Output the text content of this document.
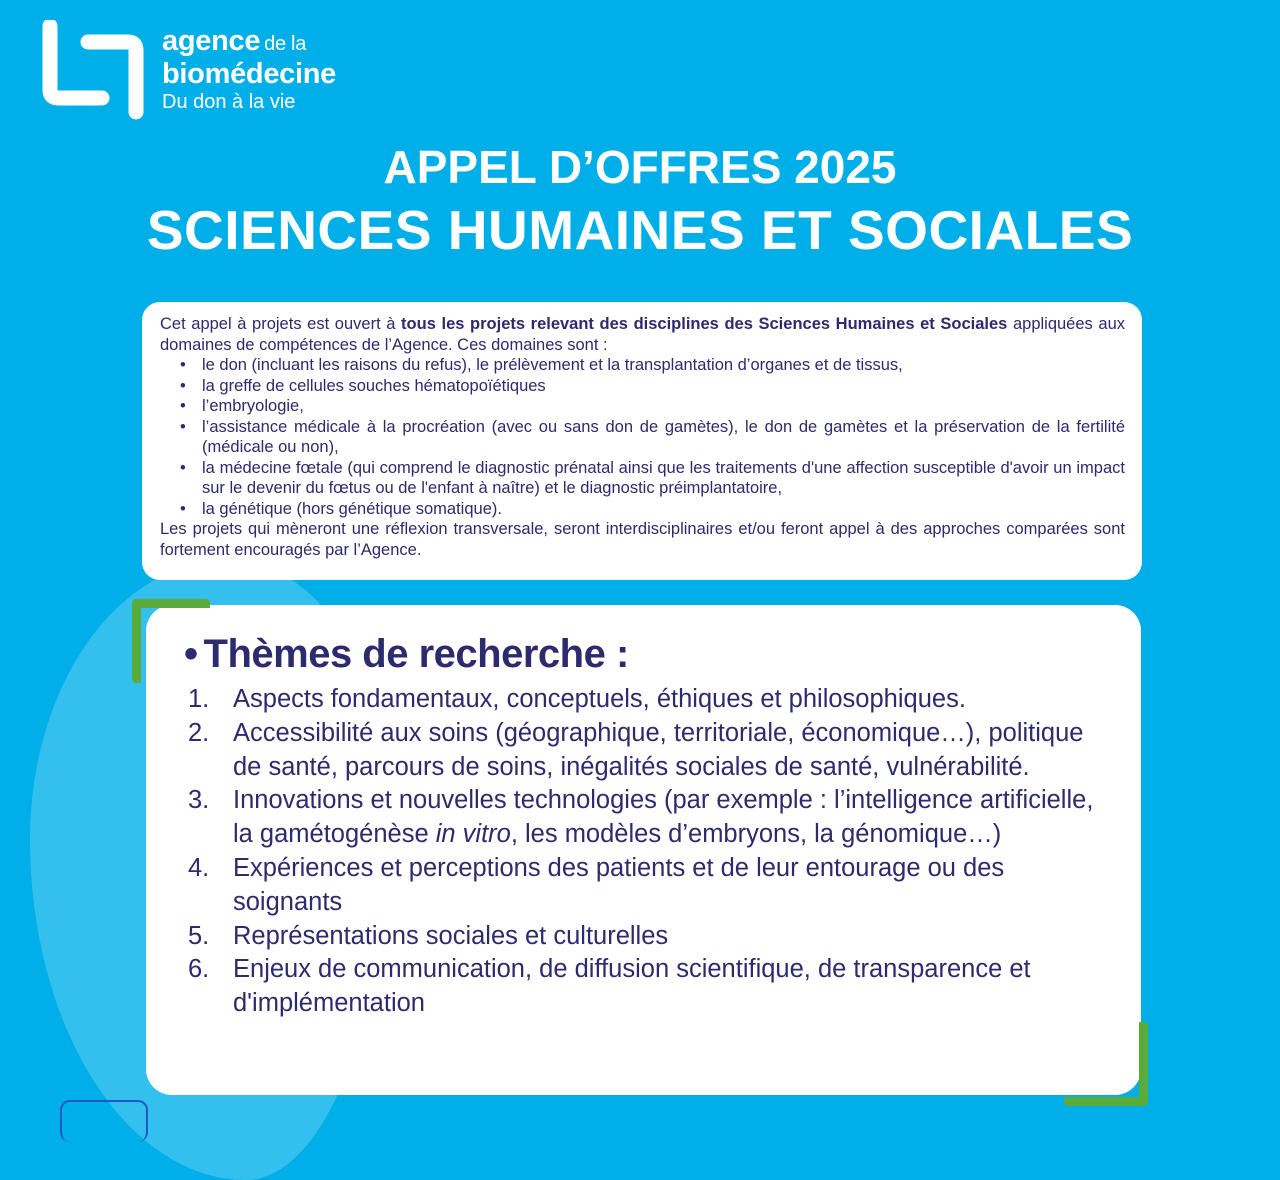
agence de la
biomédecine
Du don à la vie
APPEL D’OFFRES 2025
SCIENCES HUMAINES ET SOCIALES

Cet appel à projets est ouvert à tous les projets relevant des disciplines des Sciences Humaines et Sociales appliquées aux domaines de compétences de l’Agence. Ces domaines sont :

• le don (incluant les raisons du refus), le prélèvement et la transplantation d’organes et de tissus,
• la greffe de cellules souches hématopoïétiques
• l’embryologie,
• l’assistance médicale à la procréation (avec ou sans don de gamètes), le don de gamètes et la préservation de la fertilité (médicale ou non),
• la médecine fœtale (qui comprend le diagnostic prénatal ainsi que les traitements d'une affection susceptible d'avoir un impact sur le devenir du fœtus ou de l'enfant à naître) et le diagnostic préimplantatoire,
• la génétique (hors génétique somatique).

Les projets qui mèneront une réflexion transversale, seront interdisciplinaires et/ou feront appel à des approches comparées sont fortement encouragés par l’Agence.

• Thèmes de recherche :
1. Aspects fondamentaux, conceptuels, éthiques et philosophiques.
2. Accessibilité aux soins (géographique, territoriale, économique…), politique de santé, parcours de soins, inégalités sociales de santé, vulnérabilité.
3. Innovations et nouvelles technologies (par exemple : l’intelligence artificielle, la gamétogénèse in vitro, les modèles d’embryons, la génomique…)
4. Expériences et perceptions des patients et de leur entourage ou des soignants
5. Représentations sociales et culturelles
6. Enjeux de communication, de diffusion scientifique, de transparence et d'implémentation
